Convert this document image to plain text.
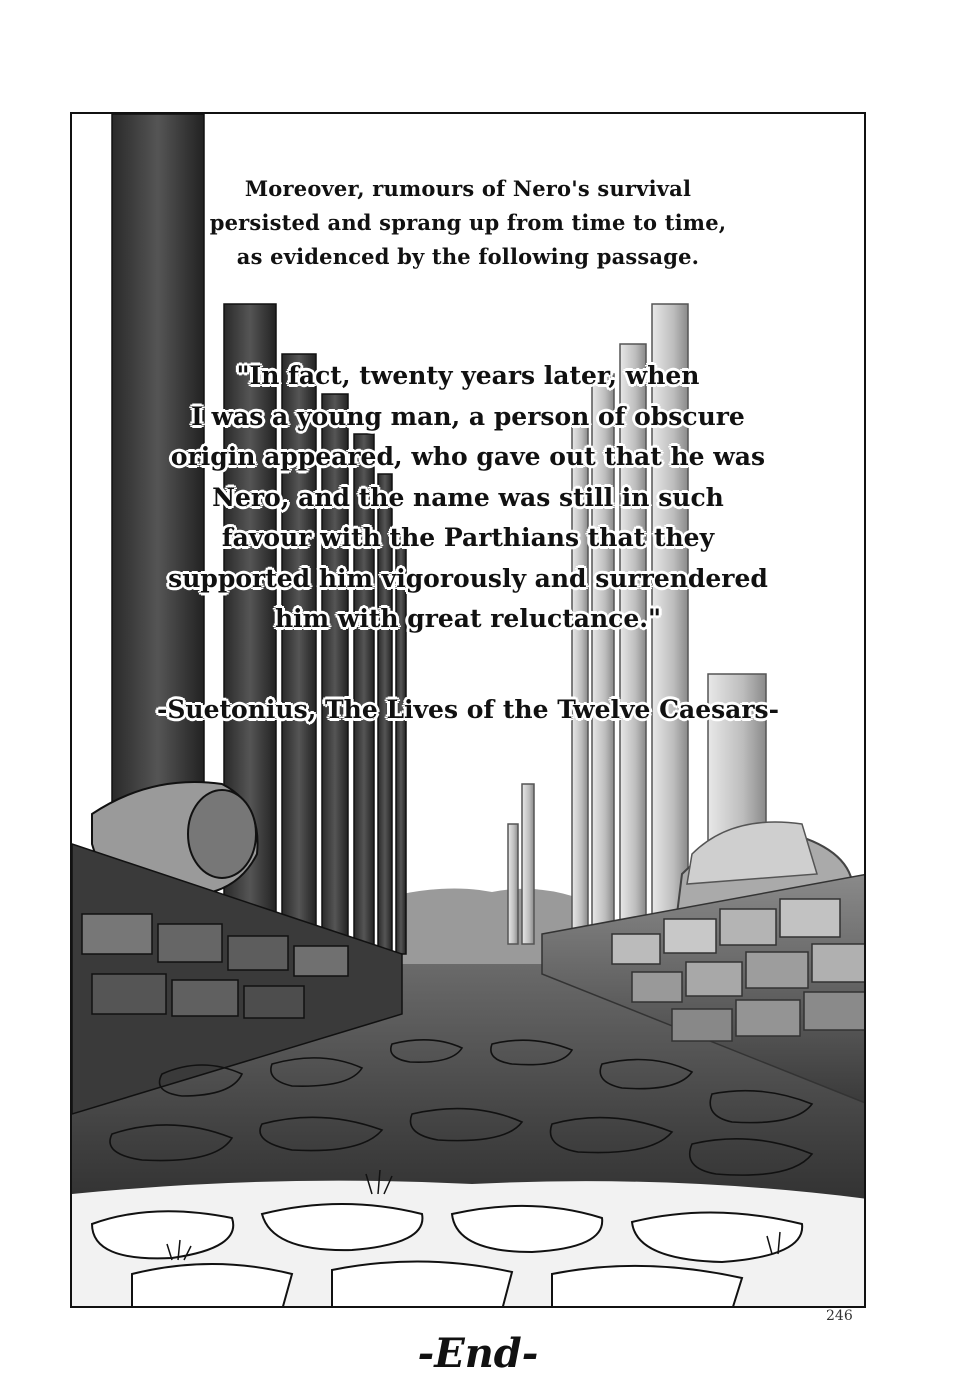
Moreover, rumours of Nero's survival
persisted and sprang up from time to time,
as evidenced by the following passage.
"In fact, twenty years later, when
I was a young man, a person of obscure
origin appeared, who gave out that he was
Nero, and the name was still in such
favour with the Parthians that they
supported him vigorously and surrendered
him with great reluctance."
-Suetonius, The Lives of the Twelve Caesars-
246
-End-
